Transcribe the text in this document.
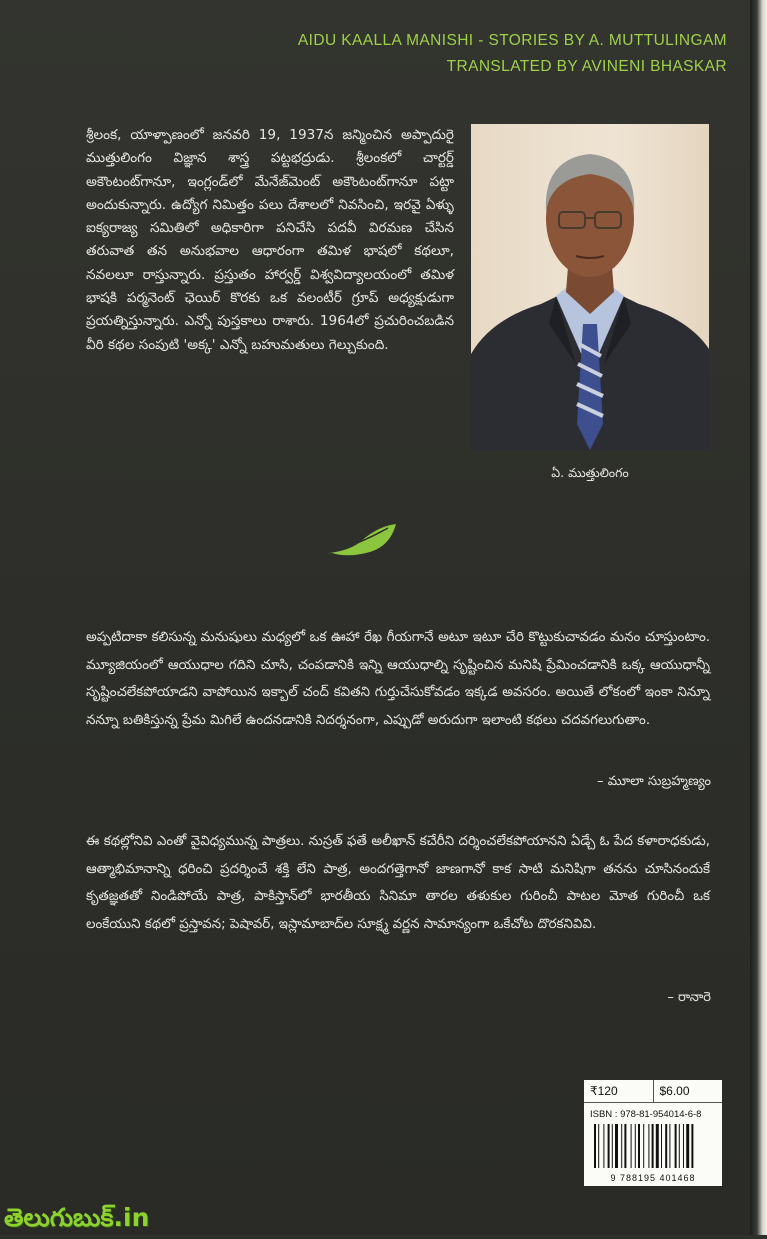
AIDU KAALLA MANISHI - STORIES BY A. MUTTULINGAM
TRANSLATED BY AVINENI BHASKAR
శ్రీలంక, యాళ్పాణంలో జనవరి 19, 1937న జన్మించిన అప్పాదురై ముత్తులింగం విజ్ఞాన శాస్త్ర పట్టభద్రుడు. శ్రీలంకలో చార్టర్డ్ అకౌంటంట్‌గానూ, ఇంగ్లండ్‌లో మేనేజ్‌మెంట్ అకౌంటంట్‌గానూ పట్టా అందుకున్నారు. ఉద్యోగ నిమిత్తం పలు దేశాలలో నివసించి, ఇరవై ఏళ్ళు ఐక్యరాజ్య సమితిలో అధికారిగా పనిచేసి పదవీ విరమణ చేసిన తరువాత తన అనుభవాల ఆధారంగా తమిళ భాషలో కథలూ, నవలలూ రాస్తున్నారు. ప్రస్తుతం హార్వర్డ్ విశ్వవిద్యాలయంలో తమిళ భాషకి పర్మనెంట్ ఛెయిర్ కొరకు ఒక వలంటీర్ గ్రూప్ అధ్యక్షుడుగా ప్రయత్నిస్తున్నారు. ఎన్నో పుస్తకాలు రాశారు. 1964లో ప్రచురించబడిన వీరి కథల సంపుటి 'అక్క' ఎన్నో బహుమతులు గెల్చుకుంది.
ఏ. ముత్తులింగం
అప్పటిదాకా కలిసున్న మనుషులు మధ్యలో ఒక ఊహా రేఖ గీయగానే అటూ ఇటూ చేరి కొట్టుకుచావడం మనం చూస్తుంటాం. మ్యూజియంలో ఆయుధాల గదిని చూసి, చంపడానికి ఇన్ని ఆయుధాల్ని సృష్టించిన మనిషి ప్రేమించడానికి ఒక్క ఆయుధాన్నీ సృష్టించలేకపోయాడని వాపోయిన ఇక్బాల్ చంద్ కవితని గుర్తుచేసుకోవడం ఇక్కడ అవసరం. అయితే లోకంలో ఇంకా నిన్నూ నన్నూ బతికిస్తున్న ప్రేమ మిగిలే ఉందనడానికి నిదర్శనంగా, ఎప్పుడో అరుదుగా ఇలాంటి కథలు చదవగలుగుతాం.
– మూలా సుబ్రహ్మణ్యం
ఈ కథల్లోనివి ఎంతో వైవిధ్యమున్న పాత్రలు. నుస్రత్ ఫతే అలీఖాన్ కచేరీని దర్శించలేకపోయానని ఏడ్చే ఓ పేద కళారాధకుడు, ఆత్మాభిమానాన్ని ధరించి ప్రదర్శించే శక్తి లేని పాత్ర, అందగత్తెగానో జాణగానో కాక సాటి మనిషిగా తనను చూసినందుకే కృతజ్ఞతతో నిండిపోయే పాత్ర, పాకిస్తాన్‌లో భారతీయ సినిమా తారల తళుకుల గురించీ పాటల మోత గురించీ ఒక లంకేయుని కథలో ప్రస్తావన; పెషావర్, ఇస్లామాబాద్‌ల సూక్ష్మ వర్ణన సామాన్యంగా ఒకేచోట దొరకనివివి.
– రానారె
₹120	$6.00
ISBN : 978-81-954014-6-8
9 788195 401468
తెలుగుబుక్.in
